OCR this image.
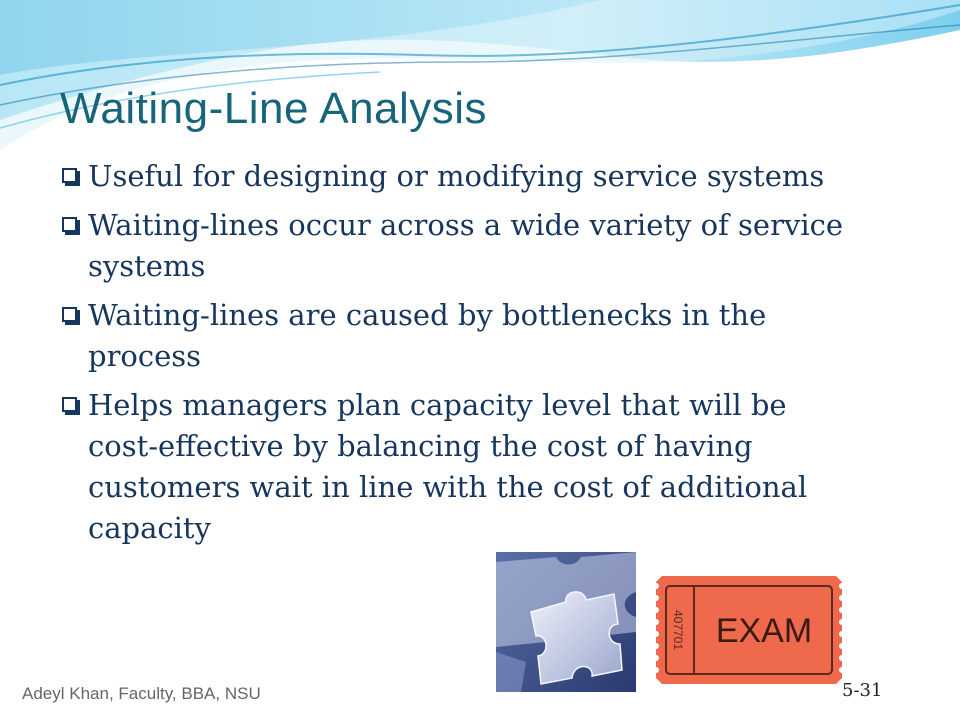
Waiting-Line Analysis
Useful for designing or modifying service systems
Waiting-lines occur across a wide variety of service systems
Waiting-lines are caused by bottlenecks in the process
Helps managers plan capacity level that will be cost-effective by balancing the cost of having customers wait in line with the cost of additional capacity
407701 EXAM
Adeyl Khan, Faculty, BBA, NSU	5-31
